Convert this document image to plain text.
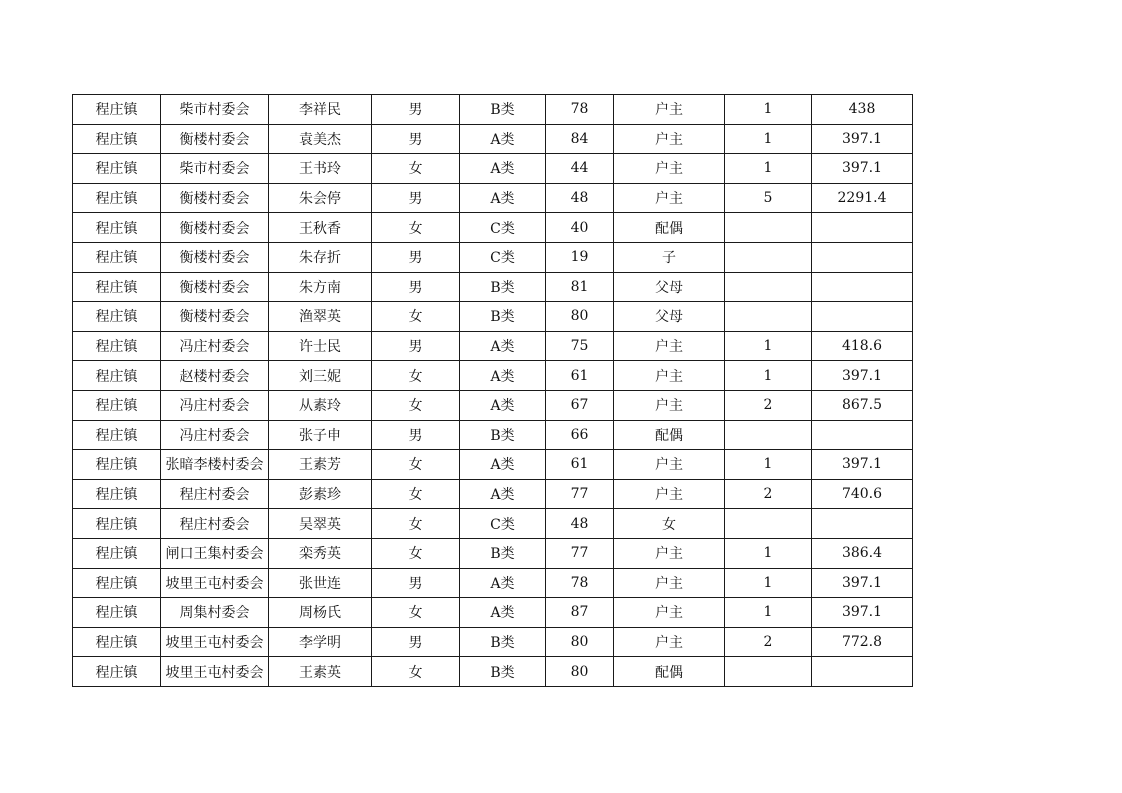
程庄镇	柴市村委会	李祥民	男	B类	78	户主	1	438
程庄镇	衡楼村委会	袁美杰	男	A类	84	户主	1	397.1
程庄镇	柴市村委会	王书玲	女	A类	44	户主	1	397.1
程庄镇	衡楼村委会	朱会停	男	A类	48	户主	5	2291.4
程庄镇	衡楼村委会	王秋香	女	C类	40	配偶		
程庄镇	衡楼村委会	朱存折	男	C类	19	子		
程庄镇	衡楼村委会	朱方南	男	B类	81	父母		
程庄镇	衡楼村委会	渔翠英	女	B类	80	父母		
程庄镇	冯庄村委会	许士民	男	A类	75	户主	1	418.6
程庄镇	赵楼村委会	刘三妮	女	A类	61	户主	1	397.1
程庄镇	冯庄村委会	从素玲	女	A类	67	户主	2	867.5
程庄镇	冯庄村委会	张子申	男	B类	66	配偶		
程庄镇	张暗李楼村委会	王素芳	女	A类	61	户主	1	397.1
程庄镇	程庄村委会	彭素珍	女	A类	77	户主	2	740.6
程庄镇	程庄村委会	吴翠英	女	C类	48	女		
程庄镇	闸口王集村委会	栾秀英	女	B类	77	户主	1	386.4
程庄镇	坡里王屯村委会	张世连	男	A类	78	户主	1	397.1
程庄镇	周集村委会	周杨氏	女	A类	87	户主	1	397.1
程庄镇	坡里王屯村委会	李学明	男	B类	80	户主	2	772.8
程庄镇	坡里王屯村委会	王素英	女	B类	80	配偶		
